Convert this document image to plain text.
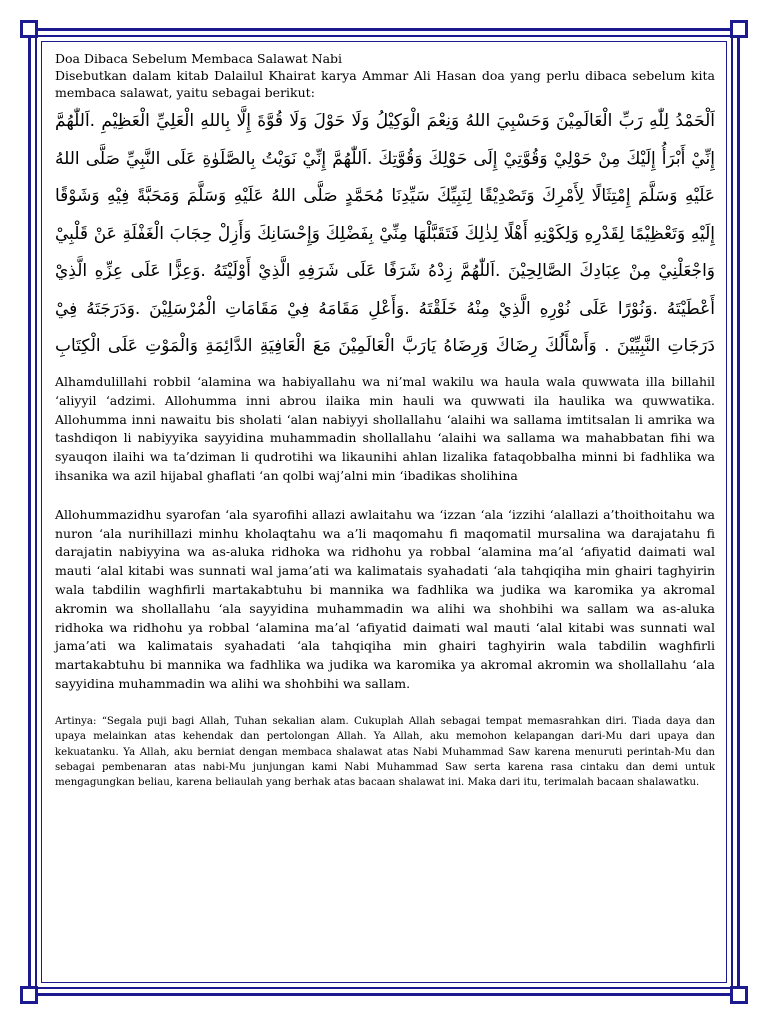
Doa Dibaca Sebelum Membaca Salawat Nabi
Disebutkan dalam kitab Dalailul Khairat karya Ammar Ali Hasan doa yang perlu dibaca sebelum kita membaca salawat, yaitu sebagai berikut:
اَلْحَمْدُ لِلّٰهِ رَبِّ الْعَالَمِيْنَ وَحَسْبِيَ اللهُ وَنِعْمَ الْوَكِيْلُ وَلَا حَوْلَ وَلَا قُوَّةَ إِلَّا بِاللهِ الْعَلِيِّ الْعَظِيْمِ .اَللّٰهُمَّ إِنِّيْ أَبْرَأُ إِلَيْكَ مِنْ حَوْلِيْ وَقُوَّتِيْ إِلَى حَوْلِكَ وَقُوَّتِكَ .اَللّٰهُمَّ إِنِّيْ نَوَيْتُ بِالصَّلَوٰةِ عَلَى النَّبِيِّ صَلَّى اللهُ عَلَيْهِ وَسَلَّمَ إِمْتِثَالًا لِأَمْرِكَ وَتَصْدِيْقًا لِنَبِيِّكَ سَيِّدِنَا مُحَمَّدٍ صَلَّى اللهُ عَلَيْهِ وَسَلَّمَ وَمَحَبَّةً فِيْهِ وَشَوْقًا إِلَيْهِ وَتَعْظِيْمًا لِقَدْرِهِ وَلِكَوْنِهِ أَهْلًا لِذٰلِكَ فَتَقَبَّلْهَا مِنِّيْ بِفَضْلِكَ وَإِحْسَانِكَ وَأَزِلْ حِجَابَ الْغَفْلَةِ عَنْ قَلْبِيْ وَاجْعَلْنِيْ مِنْ عِبَادِكَ الصَّالِحِيْنَ .اَللّٰهُمَّ زِدْهُ شَرَفًا عَلَى شَرَفِهِ الَّذِيْ أَوْلَيْتَهُ .وَعِزًّا عَلَى عِزِّهِ الَّذِيْ أَعْطَيْتَهُ .وَنُوْرًا عَلَى نُوْرِهِ الَّذِيْ مِنْهُ خَلَقْتَهُ .وَأَعْلِ مَقَامَهُ فِيْ مَقَامَاتِ الْمُرْسَلِيْنَ .وَدَرَجَتَهُ فِيْ دَرَجَاتِ النَّبِيِّيْنَ . وَأَسْأَلُكَ رِضَاكَ وَرِضَاهُ يَارَبَّ الْعَالَمِيْنَ مَعَ الْعَافِيَةِ الدَّائِمَةِ وَالْمَوْتِ عَلَى الْكِتَابِ
Alhamdulillahi robbil ‘alamina wa habiyallahu wa ni’mal wakilu wa haula wala quwwata illa billahil ‘aliyyil ‘adzimi. Allohumma inni abrou ilaika min hauli wa quwwati ila haulika wa quwwatika. Allohumma inni nawaitu bis sholati ‘alan nabiyyi shollallahu ‘alaihi wa sallama imtitsalan li amrika wa tashdiqon li nabiyyika sayyidina muhammadin shollallahu ‘alaihi wa sallama wa mahabbatan fihi wa syauqon ilaihi wa ta’dziman li qudrotihi wa likaunihi ahlan lizalika fataqobbalha minni bi fadhlika wa ihsanika wa azil hijabal ghaflati ‘an qolbi waj’alni min ‘ibadikas sholihina
Allohummazidhu syarofan ‘ala syarofihi allazi awlaitahu wa ‘izzan ‘ala ‘izzihi ‘alallazi a’thoithoitahu wa nuron ‘ala nurihillazi minhu kholaqtahu wa a’li maqomahu fi maqomatil mursalina wa darajatahu fi darajatin nabiyyina wa as-aluka ridhoka wa ridhohu ya robbal ‘alamina ma’al ‘afiyatid daimati wal mauti ‘alal kitabi was sunnati wal jama’ati wa kalimatais syahadati ‘ala tahqiqiha min ghairi taghyirin wala tabdilin waghfirli martakabtuhu bi mannika wa fadhlika wa judika wa karomika ya akromal akromin wa shollallahu ‘ala sayyidina muhammadin wa alihi wa shohbihi wa sallam wa as-aluka ridhoka wa ridhohu ya robbal ‘alamina ma’al ‘afiyatid daimati wal mauti ‘alal kitabi was sunnati wal jama’ati wa kalimatais syahadati ‘ala tahqiqiha min ghairi taghyirin wala tabdilin waghfirli martakabtuhu bi mannika wa fadhlika wa judika wa karomika ya akromal akromin wa shollallahu ‘ala sayyidina muhammadin wa alihi wa shohbihi wa sallam.
Artinya: “Segala puji bagi Allah, Tuhan sekalian alam. Cukuplah Allah sebagai tempat memasrahkan diri. Tiada daya dan upaya melainkan atas kehendak dan pertolongan Allah. Ya Allah, aku memohon kelapangan dari-Mu dari upaya dan kekuatanku. Ya Allah, aku berniat dengan membaca shalawat atas Nabi Muhammad Saw karena menuruti perintah-Mu dan sebagai pembenaran atas nabi-Mu junjungan kami Nabi Muhammad Saw serta karena rasa cintaku dan demi untuk mengagungkan beliau, karena beliaulah yang berhak atas bacaan shalawat ini. Maka dari itu, terimalah bacaan shalawatku.
